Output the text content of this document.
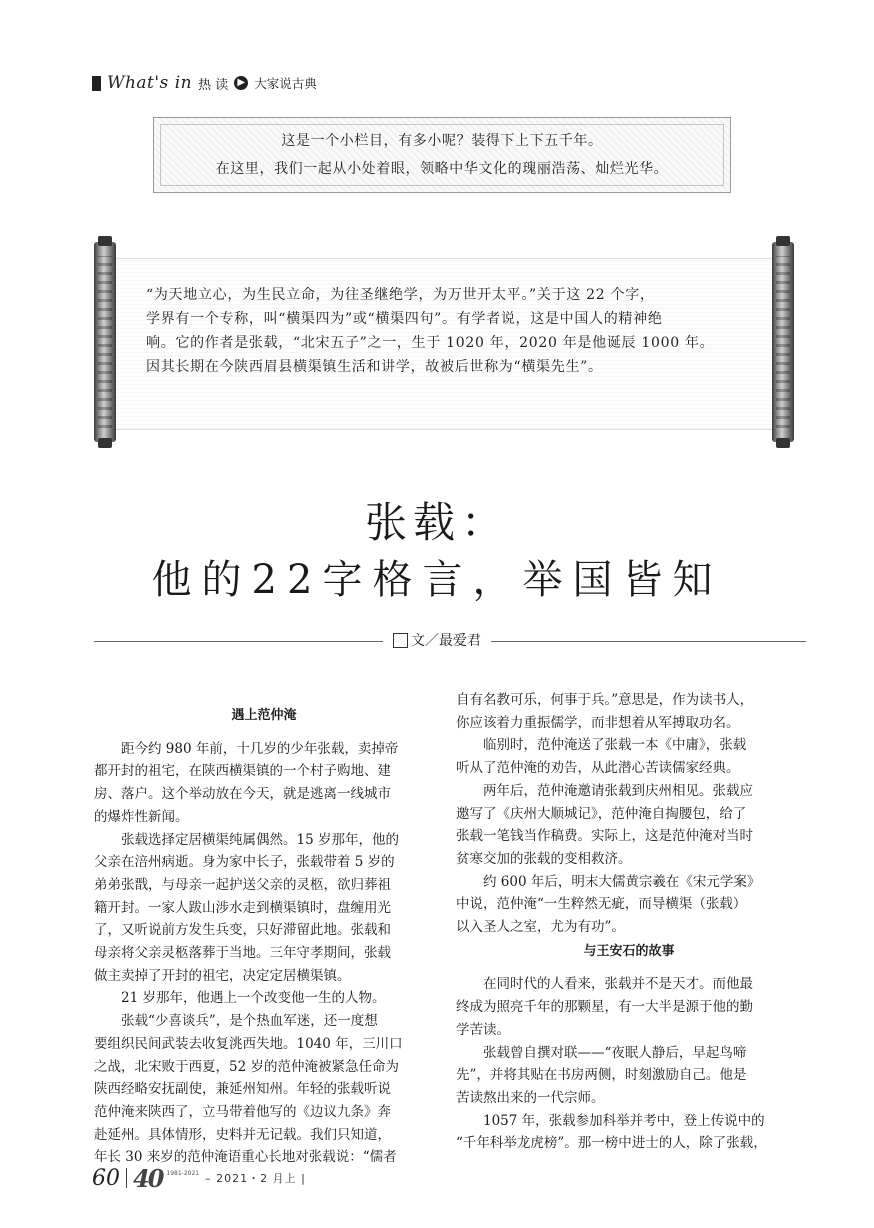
What's in 热 读 ▶ 大家说古典

这是一个小栏目，有多小呢？装得下上下五千年。

在这里，我们一起从小处着眼，领略中华文化的瑰丽浩荡、灿烂光华。

“为天地立心，为生民立命，为往圣继绝学，为万世开太平。”关于这 22 个字，
学界有一个专称，叫“横渠四为”或“横渠四句”。有学者说，这是中国人的精神绝
响。它的作者是张载，“北宋五子”之一，生于 1020 年，2020 年是他诞辰 1000 年。
因其长期在今陕西眉县横渠镇生活和讲学，故被后世称为“横渠先生”。
张载：
他的22字格言，举国皆知
文／最爱君
遇上范仲淹
　　距今约 980 年前，十几岁的少年张载，卖掉帝
都开封的祖宅，在陕西横渠镇的一个村子购地、建
房、落户。这个举动放在今天，就是逃离一线城市
的爆炸性新闻。
　　张载选择定居横渠纯属偶然。15 岁那年，他的
父亲在涪州病逝。身为家中长子，张载带着 5 岁的
弟弟张戬，与母亲一起护送父亲的灵柩，欲归葬祖
籍开封。一家人跋山涉水走到横渠镇时，盘缠用光
了，又听说前方发生兵变，只好滞留此地。张载和
母亲将父亲灵柩落葬于当地。三年守孝期间，张载
做主卖掉了开封的祖宅，决定定居横渠镇。
　　21 岁那年，他遇上一个改变他一生的人物。
　　张载“少喜谈兵”，是个热血军迷，还一度想
要组织民间武装去收复洮西失地。1040 年，三川口
之战，北宋败于西夏，52 岁的范仲淹被紧急任命为
陕西经略安抚副使，兼延州知州。年轻的张载听说
范仲淹来陕西了，立马带着他写的《边议九条》奔
赴延州。具体情形，史料并无记载。我们只知道，
年长 30 来岁的范仲淹语重心长地对张载说：“儒者
自有名教可乐，何事于兵。”意思是，作为读书人，
你应该着力重振儒学，而非想着从军搏取功名。
　　临别时，范仲淹送了张载一本《中庸》，张载
听从了范仲淹的劝告，从此潜心苦读儒家经典。
　　两年后，范仲淹邀请张载到庆州相见。张载应
邀写了《庆州大顺城记》，范仲淹自掏腰包，给了
张载一笔钱当作稿费。实际上，这是范仲淹对当时
贫寒交加的张载的变相救济。
　　约 600 年后，明末大儒黄宗羲在《宋元学案》
中说，范仲淹“一生粹然无疵，而导横渠（张载）
以入圣人之室，尤为有功”。
与王安石的故事
　　在同时代的人看来，张载并不是天才。而他最
终成为照亮千年的那颗星，有一大半是源于他的勤
学苦读。
　　张载曾自撰对联——“夜眠人静后，早起鸟啼
先”，并将其贴在书房两侧，时刻激励自己。他是
苦读熬出来的一代宗师。
　　1057 年，张载参加科举并考中，登上传说中的
“千年科举龙虎榜”。那一榜中进士的人，除了张载，
60 40 1981-2021 – 2021・2 月上 |
